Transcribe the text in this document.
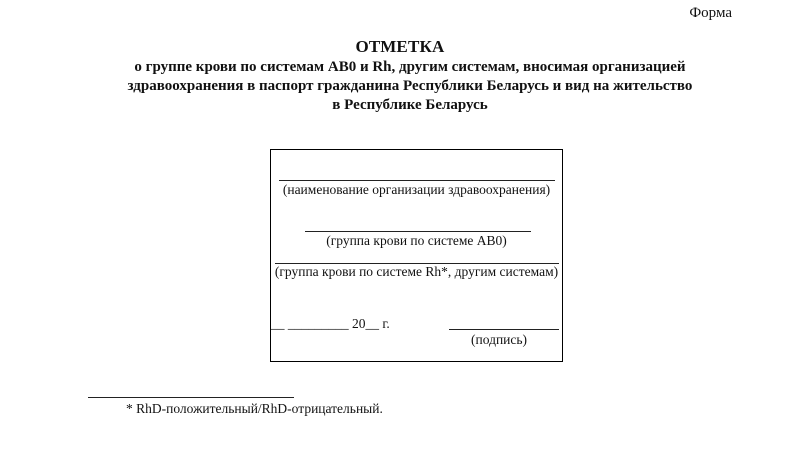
Форма
ОТМЕТКА
о группе крови по системам АВ0 и Rh, другим системам, вносимая организацией
здравоохранения в паспорт гражданина Республики Беларусь и вид на жительство
в Республике Беларусь
(наименование организации здравоохранения)
(группа крови по системе АВ0)
(группа крови по системе Rh*, другим системам)
__ _________ 20__ г.
(подпись)
* RhD-положительный/RhD-отрицательный.
